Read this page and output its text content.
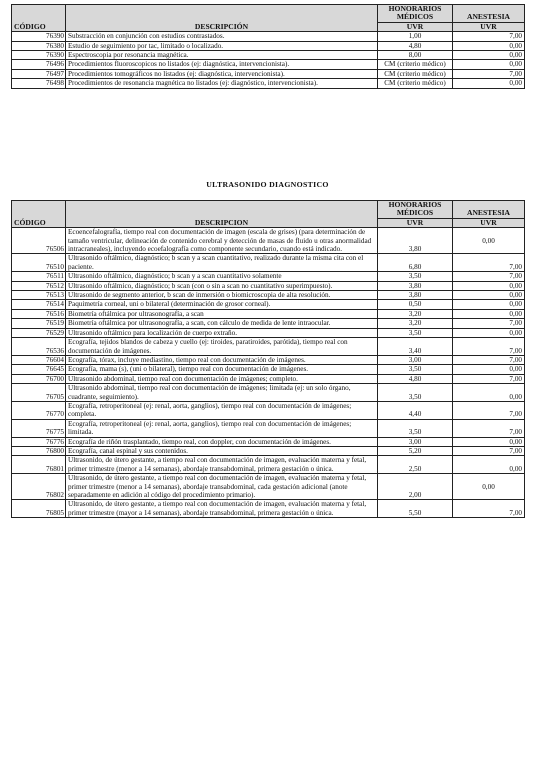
CÓDIGO	DESCRIPCIÓN	HONORARIOS MÉDICOS	ANESTESIA
		UVR	UVR
76390	Substracción en conjunción con estudios contrastados.	1,00	7,00
76380	Estudio de seguimiento por tac, limitado o localizado.	4,80	0,00
76390	Espectroscopia por resonancia magnética.	8,00	0,00
76496	Procedimientos fluoroscopicos no listados (ej: diagnóstica, intervencionista).	CM (criterio médico)	0,00
76497	Procedimientos tomográficos no listados (ej: diagnóstica, intervencionista).	CM (criterio médico)	7,00
76498	Procedimientos de resonancia magnética no listados (ej: diagnóstico, intervencionista).	CM (criterio médico)	0,00
ULTRASONIDO DIAGNOSTICO
CÓDIGO	DESCRIPCION	HONORARIOS MÉDICOS	ANESTESIA
		UVR	UVR
76506	Ecoencefalografía, tiempo real con documentación de imagen (escala de grises) (para determinación de tamaño ventricular, delineación de contenido cerebral y detección de masas de fluido u otras anormalidad intracraneales), incluyendo ecoefalografía como componente secundario, cuando está indicado.	3,80	0,00
76510	Ultrasonido oftálmico, diagnóstico; b scan y a scan cuantitativo, realizado durante la misma cita con el paciente.	6,80	7,00
76511	Ultrasonido oftálmico, diagnóstico; b scan y a scan cuantitativo solamente	3,50	7,00
76512	Ultrasonido oftálmico, diagnóstico; b scan (con o sin a scan no cuantitativo superimpuesto).	3,80	0,00
76513	Ultrasonido de segmento anterior, b scan de inmersión o biomicroscopia de alta resolución.	3,80	0,00
76514	Paquimetría corneal, uni o bilateral (determinación de grosor corneal).	0,50	0,00
76516	Biometría oftálmica por ultrasonografía, a scan	3,20	0,00
76519	Biometría oftálmica por ultrasonografía, a scan, con cálculo de medida de lente intraocular.	3,20	7,00
76529	Ultrasonido oftálmico para localización de cuerpo extraño.	3,50	0,00
76536	Ecografía, tejidos blandos de cabeza y cuello (ej: tiroides, paratiroides, parótida), tiempo real con documentación de imágenes.	3,40	7,00
76604	Ecografía, tórax, incluye mediastino, tiempo real con documentación de imágenes.	3,00	7,00
76645	Ecografía, mama (s), (uni o bilateral), tiempo real con documentación de imágenes.	3,50	0,00
76700	Ultrasonido abdominal, tiempo real con documentación de imágenes; completo.	4,80	7,00
76705	Ultrasonido abdominal, tiempo real con documentación de imágenes; limitada (ej: un solo órgano, cuadrante, seguimiento).	3,50	0,00
76770	Ecografía, retroperitoneal (ej: renal, aorta, ganglios), tiempo real con documentación de imágenes; completa.	4,40	7,00
76775	Ecografía, retroperitoneal (ej: renal, aorta, ganglios), tiempo real con documentación de imágenes; limitada.	3,50	7,00
76776	Ecografía de riñón trasplantado, tiempo real, con doppler, con documentación de imágenes.	3,00	0,00
76800	Ecografía, canal espinal y sus contenidos.	5,20	7,00
76801	Ultrasonido, de útero gestante, a tiempo real con documentación de imagen, evaluación materna y fetal, primer trimestre (menor a 14 semanas), abordaje transabdominal, primera gestación o única.	2,50	0,00
76802	Ultrasonido, de útero gestante, a tiempo real con documentación de imagen, evaluación materna y fetal, primer trimestre (menor a 14 semanas), abordaje transabdominal, cada gestación adicional (anote separadamente en adición al código del procedimiento primario).	2,00	0,00
76805	Ultrasonido, de útero gestante, a tiempo real con documentación de imagen, evaluación materna y fetal, primer trimestre (mayor a 14 semanas), abordaje transabdominal, primera gestación o única.	5,50	7,00
